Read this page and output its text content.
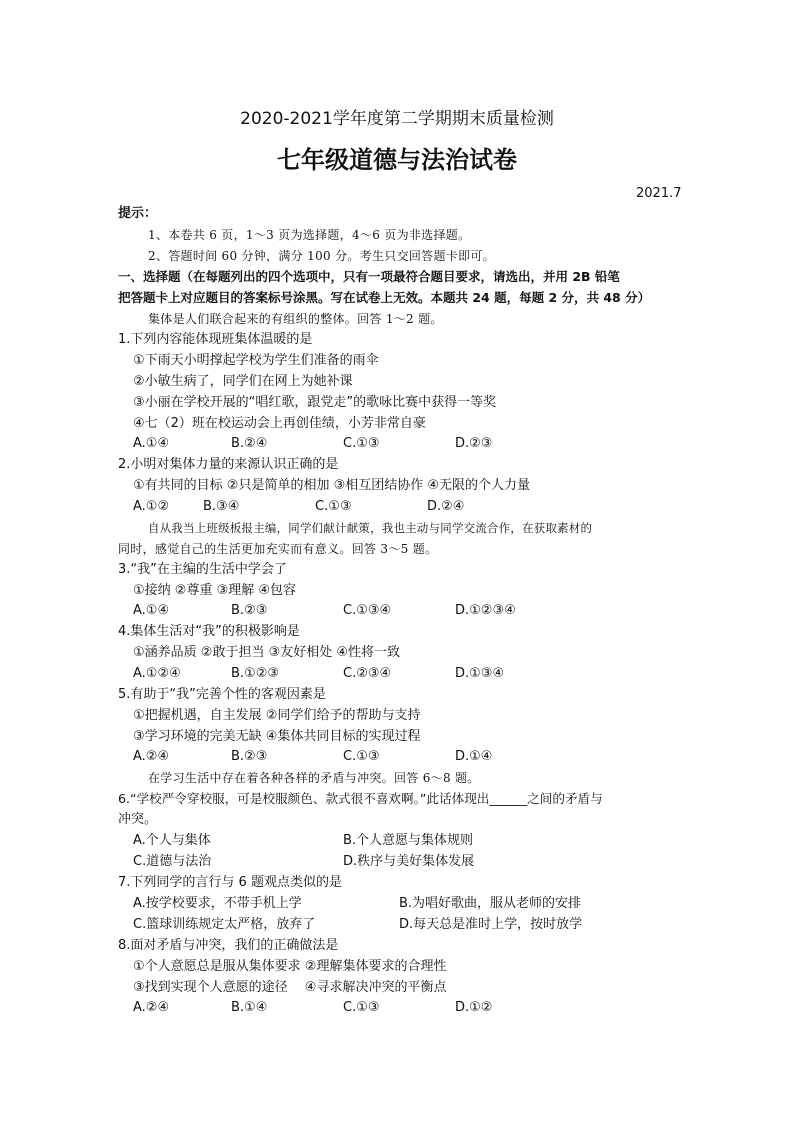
2020-2021学年度第二学期期末质量检测
七年级道德与法治试卷
2021.7
提示：
1、本卷共 6 页，1～3 页为选择题，4～6 页为非选择题。
2、答题时间 60 分钟，满分 100 分。考生只交回答题卡即可。
一、选择题（在每题列出的四个选项中，只有一项最符合题目要求，请选出，并用 2B 铅笔
把答题卡上对应题目的答案标号涂黑。写在试卷上无效。本题共 24 题，每题 2 分，共 48 分）
集体是人们联合起来的有组织的整体。回答 1～2 题。
1.下列内容能体现班集体温暖的是
①下雨天小明撑起学校为学生们准备的雨伞
②小敏生病了，同学们在网上为她补课
③小丽在学校开展的“唱红歌，跟党走”的歌咏比赛中获得一等奖
④七（2）班在校运动会上再创佳绩，小芳非常自豪
A.①④	B.②④	C.①③	D.②③
2.小明对集体力量的来源认识正确的是
①有共同的目标 ②只是简单的相加 ③相互团结协作 ④无限的个人力量
A.①②	B.③④	C.①③	D.②④
自从我当上班级板报主编，同学们献计献策，我也主动与同学交流合作，在获取素材的
同时，感觉自己的生活更加充实而有意义。回答 3～5 题。
3.“我”在主编的生活中学会了
①接纳 ②尊重 ③理解 ④包容
A.①④	B.②③	C.①③④	D.①②③④
4.集体生活对“我”的积极影响是
①涵养品质 ②敢于担当 ③友好相处 ④性将一致
A.①②④	B.①②③	C.②③④	D.①③④
5.有助于“我”完善个性的客观因素是
①把握机遇，自主发展 ②同学们给予的帮助与支持
③学习环境的完美无缺 ④集体共同目标的实现过程
A.②④	B.②③	C.①③	D.①④
在学习生活中存在着各种各样的矛盾与冲突。回答 6～8 题。
6.“学校严令穿校服，可是校服颜色、款式很不喜欢啊。”此话体现出______之间的矛盾与
冲突。
A.个人与集体	B.个人意愿与集体规则
C.道德与法治	D.秩序与美好集体发展
7.下列同学的言行与 6 题观点类似的是
A.按学校要求，不带手机上学	B.为唱好歌曲，服从老师的安排
C.篮球训练规定太严格，放弃了	D.每天总是准时上学，按时放学
8.面对矛盾与冲突，我们的正确做法是
①个人意愿总是服从集体要求 ②理解集体要求的合理性
③找到实现个人意愿的途径 　④寻求解决冲突的平衡点
A.②④	B.①④	C.①③	D.①②
